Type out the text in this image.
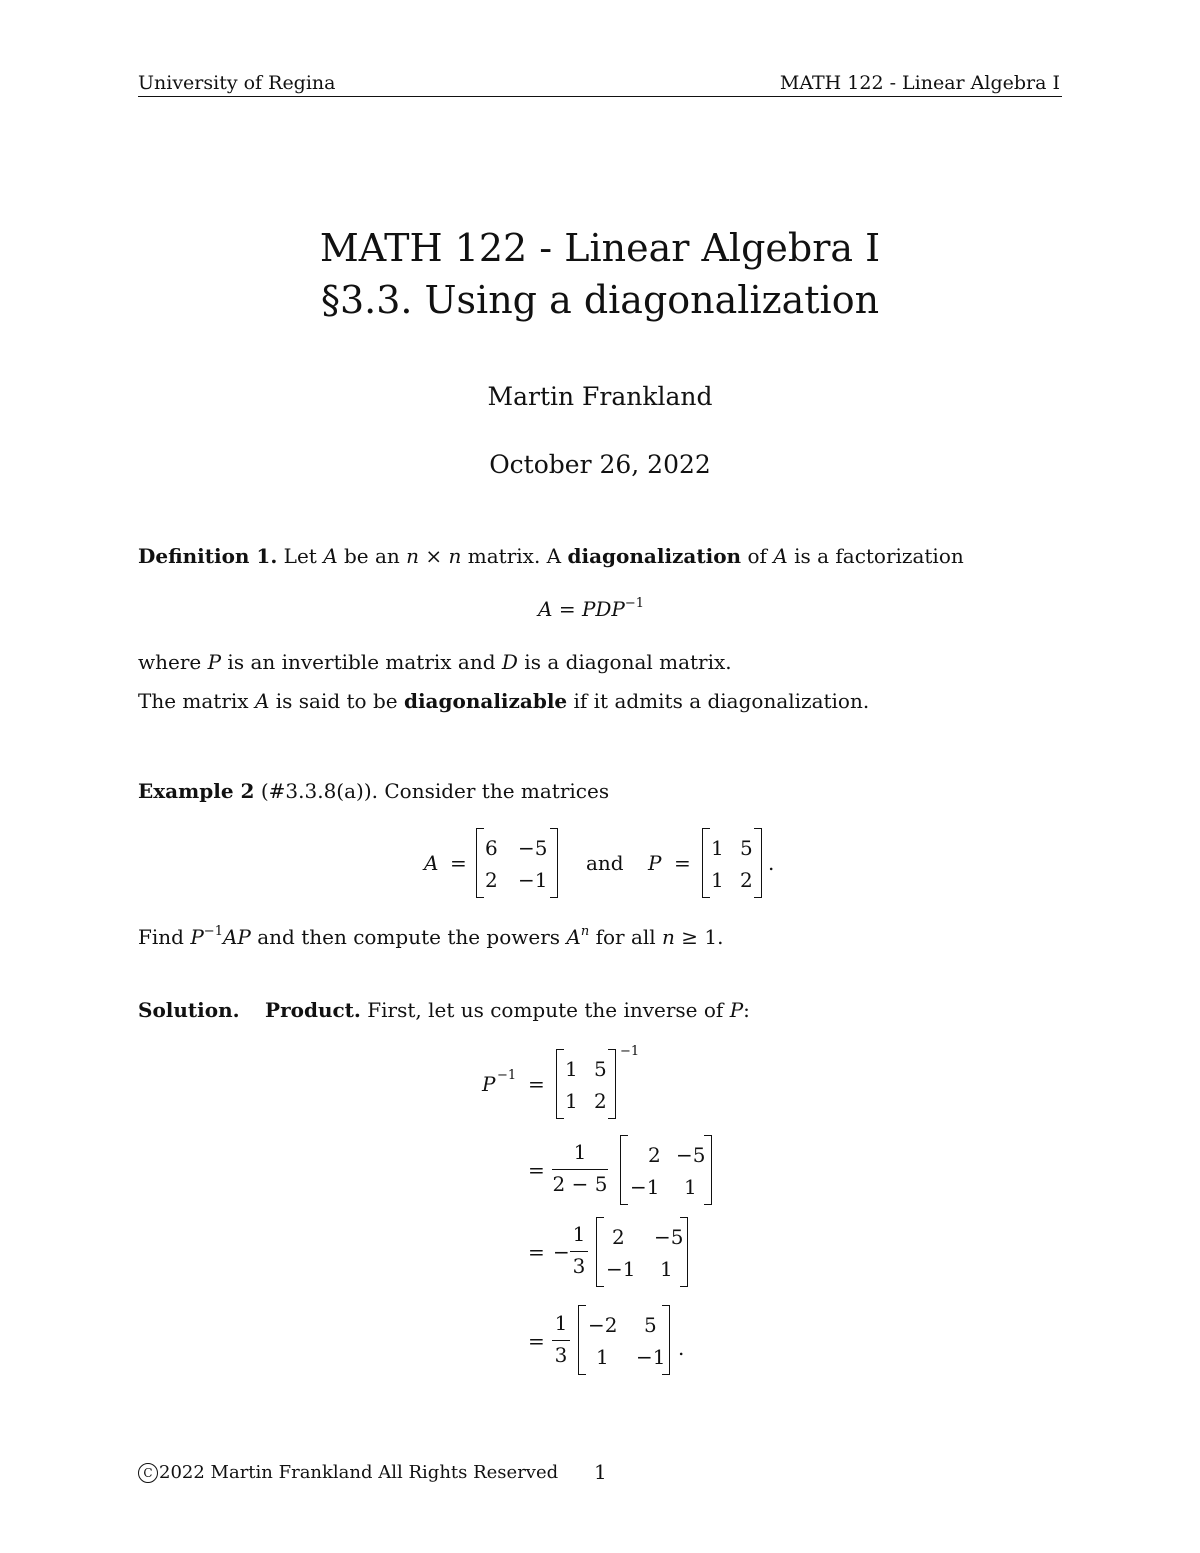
University of Regina	MATH 122 - Linear Algebra I
MATH 122 - Linear Algebra I
§3.3. Using a diagonalization
Martin Frankland
October 26, 2022
Definition 1. Let A be an n × n matrix. A diagonalization of A is a factorization
$A = PDP^{-1}$
where P is an invertible matrix and D is a diagonal matrix.
The matrix A is said to be diagonalizable if it admits a diagonalization.
Example 2 (#3.3.8(a)). Consider the matrices
A =
6 −5
2 −1
and P =
1 5
1 2
.
Find $P^{-1}AP$ and then compute the powers $A^n$ for all n ≥ 1.
Solution. Product. First, let us compute the inverse of P:
P −1 =
1 5
1 2
−1
=
1
2 − 5
2 −5
−1 1
= −
1
3
2 −5
−1 1
=
1
3
−2 5
1 −1 .
C 2022 Martin Frankland All Rights Reserved 1
